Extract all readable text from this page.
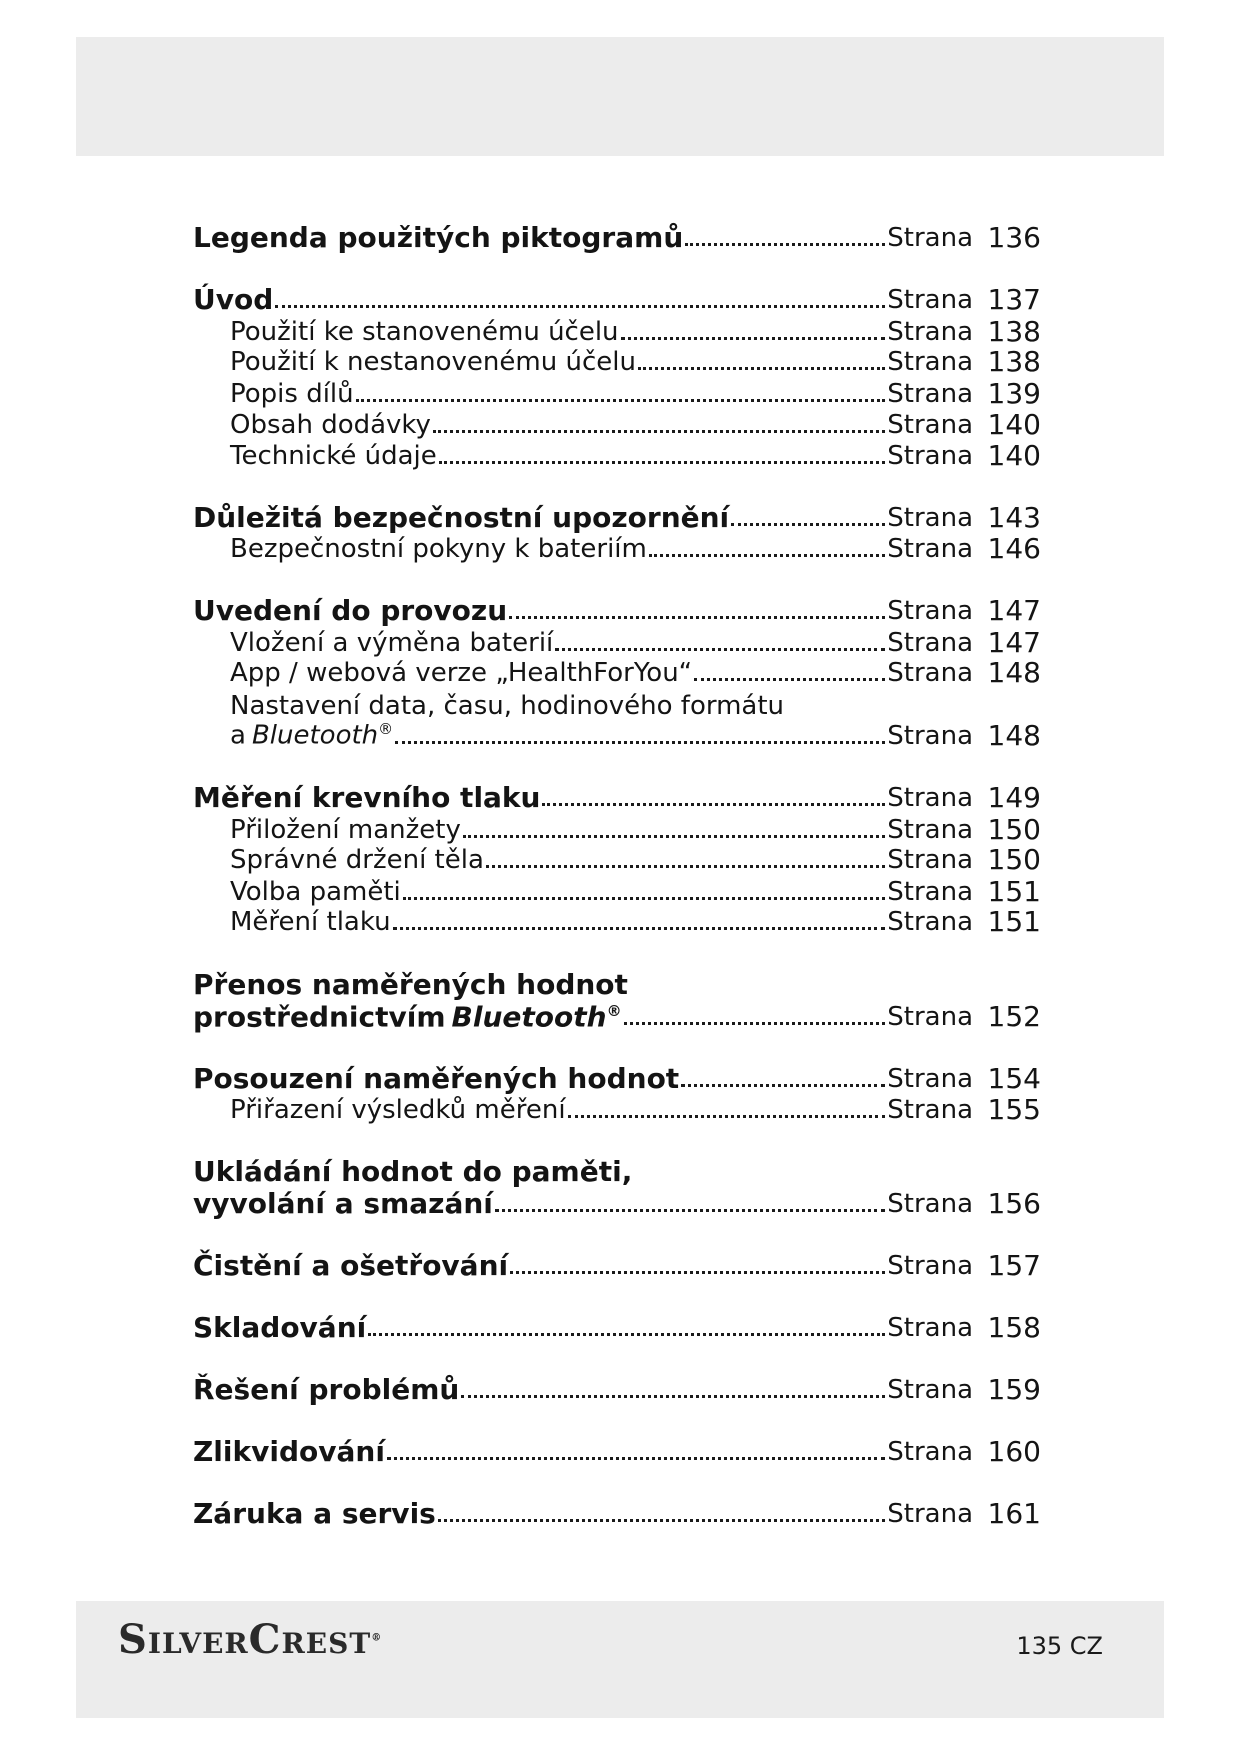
Legenda použitých piktogramů	Strana 136
Úvod	Strana 137
Použití ke stanovenému účelu	Strana 138
Použití k nestanovenému účelu	Strana 138
Popis dílů	Strana 139
Obsah dodávky	Strana 140
Technické údaje	Strana 140
Důležitá bezpečnostní upozornění	Strana 143
Bezpečnostní pokyny k bateriím	Strana 146
Uvedení do provozu	Strana 147
Vložení a výměna baterií	Strana 147
App / webová verze „HealthForYou“	Strana 148
Nastavení data, času, hodinového formátu
a Bluetooth®	Strana 148
Měření krevního tlaku	Strana 149
Přiložení manžety	Strana 150
Správné držení těla	Strana 150
Volba paměti	Strana 151
Měření tlaku	Strana 151
Přenos naměřených hodnot
prostřednictvím Bluetooth®	Strana 152
Posouzení naměřených hodnot	Strana 154
Přiřazení výsledků měření	Strana 155
Ukládání hodnot do paměti,
vyvolání a smazání	Strana 156
Čistění a ošetřování	Strana 157
Skladování	Strana 158
Řešení problémů	Strana 159
Zlikvidování	Strana 160
Záruka a servis	Strana 161
SilverCrest®	135 CZ
